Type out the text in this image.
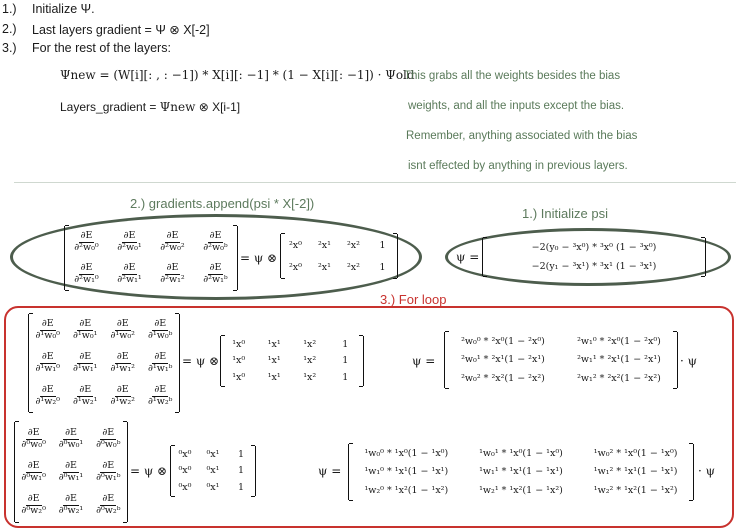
1.) Initialize Ψ.
2.) Last layers gradient = Ψ ⊗ X[-2]
3.) For the rest of the layers:
Ψnew = (W[i][: , : −1]) * X[i][: −1] * (1 − X[i][: −1]) · Ψold
Layers_gradient = Ψnew ⊗ X[i-1]
This grabs all the weights besides the bias
weights, and all the inputs except the bias.
Remember, anything associated with the bias
isnt effected by anything in previous layers.
2.) gradients.append(psi * X[-2])
$\frac{\partial E}{\text{∂²w₀⁰}} \frac{\partial E}{\text{∂²w₀¹}} \frac{\partial E}{\text{∂²w₀²}} \frac{\partial E}{\text{∂²w₀ᵇ}}$
$\frac{\partial E}{\text{∂²w₁⁰}} \frac{\partial E}{\text{∂²w₁¹}} \frac{\partial E}{\text{∂²w₁²}} \frac{\partial E}{\text{∂²w₁ᵇ}}$
= ψ ⊗
²x⁰	²x¹	²x²	1
²x⁰	²x¹	²x²	1
1.) Initialize psi
ψ =
−2(y₀ − ³x⁰) * ³x⁰ (1 − ³x⁰)
−2(y₁ − ³x¹) * ³x¹ (1 − ³x¹)
3.) For loop
$\frac{\partial E}{\text{∂¹w₀⁰}} \frac{\partial E}{\text{∂¹w₀¹}} \frac{\partial E}{\text{∂¹w₀²}} \frac{\partial E}{\text{∂¹w₀ᵇ}}$
$\frac{\partial E}{\text{∂¹w₁⁰}} \frac{\partial E}{\text{∂¹w₁¹}} \frac{\partial E}{\text{∂¹w₁²}} \frac{\partial E}{\text{∂¹w₁ᵇ}}$
$\frac{\partial E}{\text{∂¹w₂⁰}} \frac{\partial E}{\text{∂¹w₂¹}} \frac{\partial E}{\text{∂¹w₂²}} \frac{\partial E}{\text{∂¹w₂ᵇ}}$
= ψ ⊗
¹x⁰	¹x¹	¹x²	1
¹x⁰	¹x¹	¹x²	1
¹x⁰	¹x¹	¹x²	1
ψ =
²w₀⁰ * ²x⁰(1 − ²x⁰)	²w₁⁰ * ²x⁰(1 − ²x⁰)
²w₀¹ * ²x¹(1 − ²x¹)	²w₁¹ * ²x¹(1 − ²x¹)
²w₀² * ²x²(1 − ²x²)	²w₁² * ²x²(1 − ²x²)
· ψ
$\frac{\partial E}{\text{∂⁰w₀⁰}} \frac{\partial E}{\text{∂⁰w₀¹}} \frac{\partial E}{\text{∂⁰w₀ᵇ}}$
$\frac{\partial E}{\text{∂⁰w₁⁰}} \frac{\partial E}{\text{∂⁰w₁¹}} \frac{\partial E}{\text{∂⁰w₁ᵇ}}$
$\frac{\partial E}{\text{∂⁰w₂⁰}} \frac{\partial E}{\text{∂⁰w₂¹}} \frac{\partial E}{\text{∂⁰w₂ᵇ}}$
= ψ ⊗
⁰x⁰	⁰x¹	1
⁰x⁰	⁰x¹	1
⁰x⁰	⁰x¹	1
ψ =
¹w₀⁰ * ¹x⁰(1 − ¹x⁰)	¹w₀¹ * ¹x⁰(1 − ¹x⁰)	¹w₀² * ¹x⁰(1 − ¹x⁰)
¹w₁⁰ * ¹x¹(1 − ¹x¹)	¹w₁¹ * ¹x¹(1 − ¹x¹)	¹w₁² * ¹x¹(1 − ¹x¹)
¹w₂⁰ * ¹x²(1 − ¹x²)	¹w₂¹ * ¹x²(1 − ¹x²)	¹w₂² * ¹x²(1 − ¹x²)
· ψ
